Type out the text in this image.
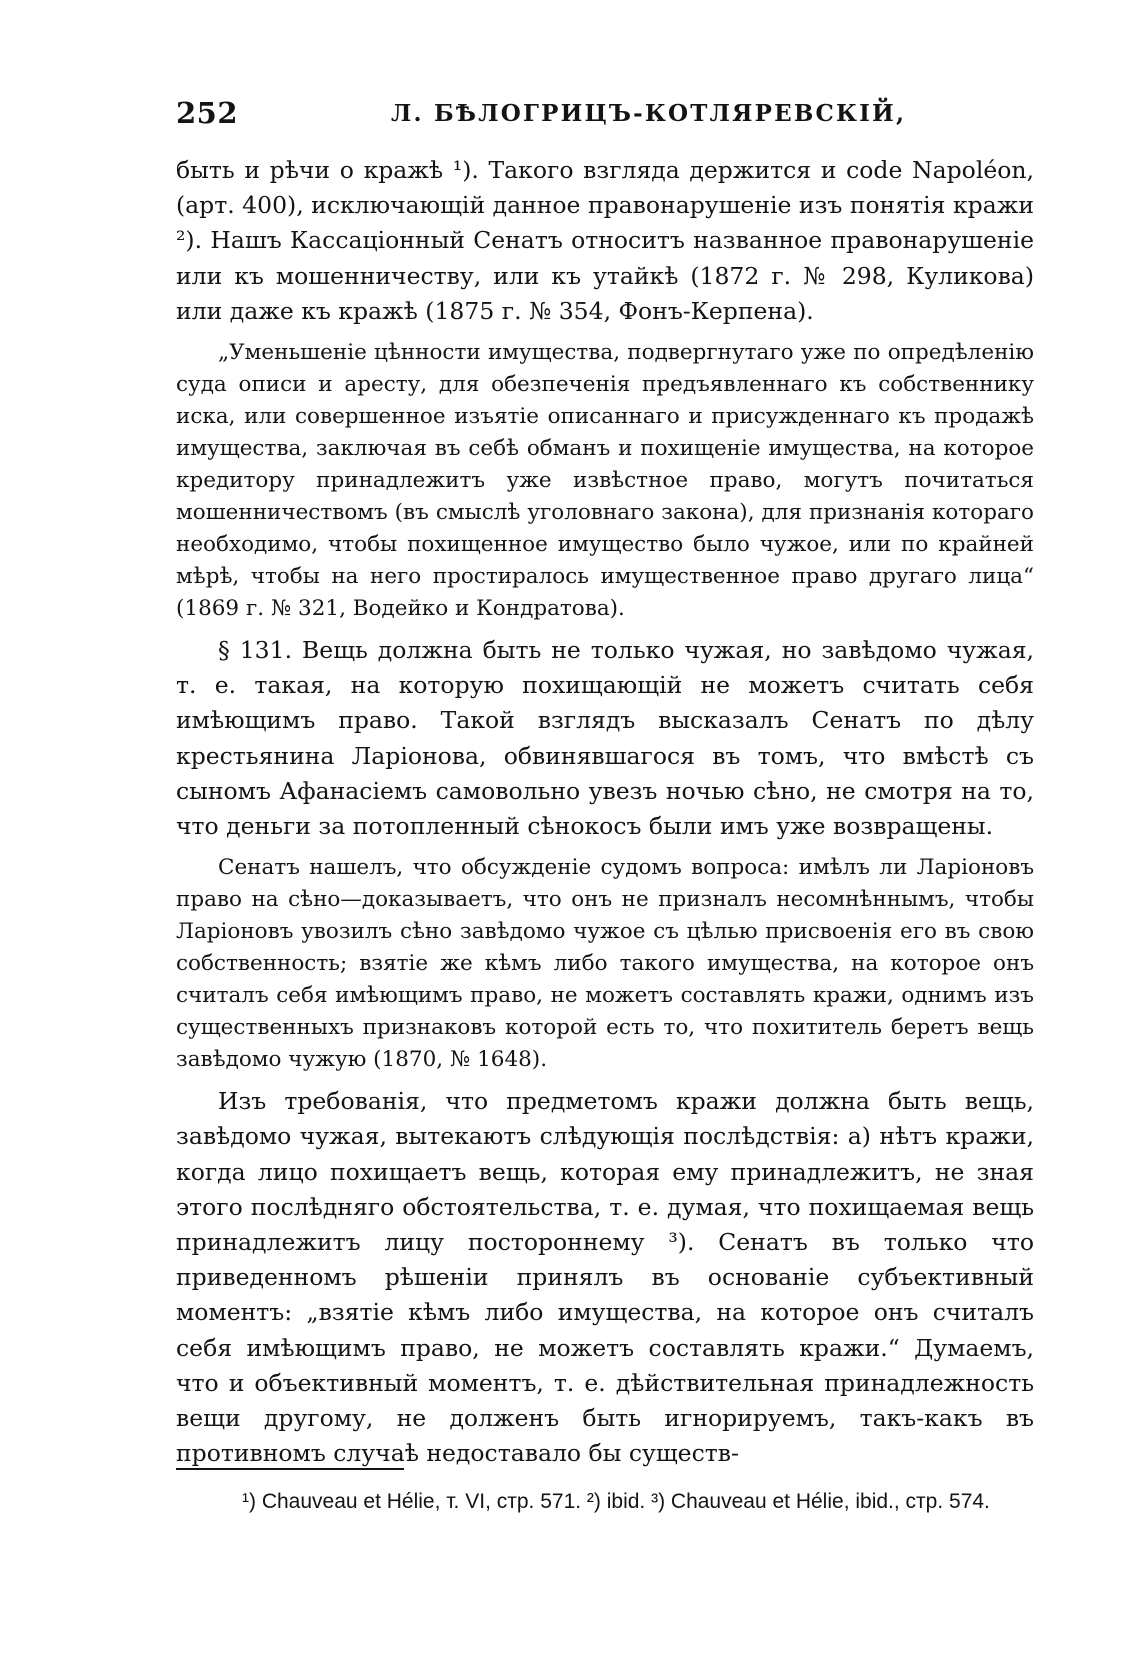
252	Л. БѢЛОГРИЦЪ-КОТЛЯРЕВСКІЙ,

быть и рѣчи о кражѣ ¹). Такого взгляда держится и code Napoléon, (арт. 400), исключающій данное правонарушеніе изъ понятія кражи ²). Нашъ Кассаціонный Сенатъ относитъ названное правонарушеніе или къ мошенничеству, или къ утайкѣ (1872 г. № 298, Куликова) или даже къ кражѣ (1875 г. № 354, Фонъ-Керпена).

„Уменьшеніе цѣнности имущества, подвергнутаго уже по опредѣленію суда описи и аресту, для обезпеченія предъявленнаго къ собственнику иска, или совершенное изъятіе описаннаго и присужденнаго къ продажѣ имущества, заключая въ себѣ обманъ и похищеніе имущества, на которое кредитору принадлежитъ уже извѣстное право, могутъ почитаться мошенничествомъ (въ смыслѣ уголовнаго закона), для признанія котораго необходимо, чтобы похищенное имущество было чужое, или по крайней мѣрѣ, чтобы на него простиралось имущественное право другаго лица“ (1869 г. № 321, Водейко и Кондратова).

§ 131. Вещь должна быть не только чужая, но завѣдомо чужая, т. е. такая, на которую похищающій не можетъ считать себя имѣющимъ право. Такой взглядъ высказалъ Сенатъ по дѣлу крестьянина Ларіонова, обвинявшагося въ томъ, что вмѣстѣ съ сыномъ Афанасіемъ самовольно увезъ ночью сѣно, не смотря на то, что деньги за потопленный сѣнокосъ были имъ уже возвращены.

Сенатъ нашелъ, что обсужденіе судомъ вопроса: имѣлъ ли Ларіоновъ право на сѣно—доказываетъ, что онъ не призналъ несомнѣннымъ, чтобы Ларіоновъ увозилъ сѣно завѣдомо чужое съ цѣлью присвоенія его въ свою собственность; взятіе же кѣмъ либо такого имущества, на которое онъ считалъ себя имѣющимъ право, не можетъ составлять кражи, однимъ изъ существенныхъ признаковъ которой есть то, что похититель беретъ вещь завѣдомо чужую (1870, № 1648).

Изъ требованія, что предметомъ кражи должна быть вещь, завѣдомо чужая, вытекаютъ слѣдующія послѣдствія: а) нѣтъ кражи, когда лицо похищаетъ вещь, которая ему принадлежитъ, не зная этого послѣдняго обстоятельства, т. е. думая, что похищаемая вещь принадлежитъ лицу постороннему ³). Сенатъ въ только что приведенномъ рѣшеніи принялъ въ основаніе субъективный моментъ: „взятіе кѣмъ либо имущества, на которое онъ считалъ себя имѣющимъ право, не можетъ составлять кражи.“ Думаемъ, что и объективный моментъ, т. е. дѣйствительная принадлежность вещи другому, не долженъ быть игнорируемъ, такъ-какъ въ противномъ случаѣ недоставало бы существ-

¹) Chauveau et Hélie, т. VI, стр. 571. ²) ibid. ³) Chauveau et Hélie, ibid., стр. 574.
